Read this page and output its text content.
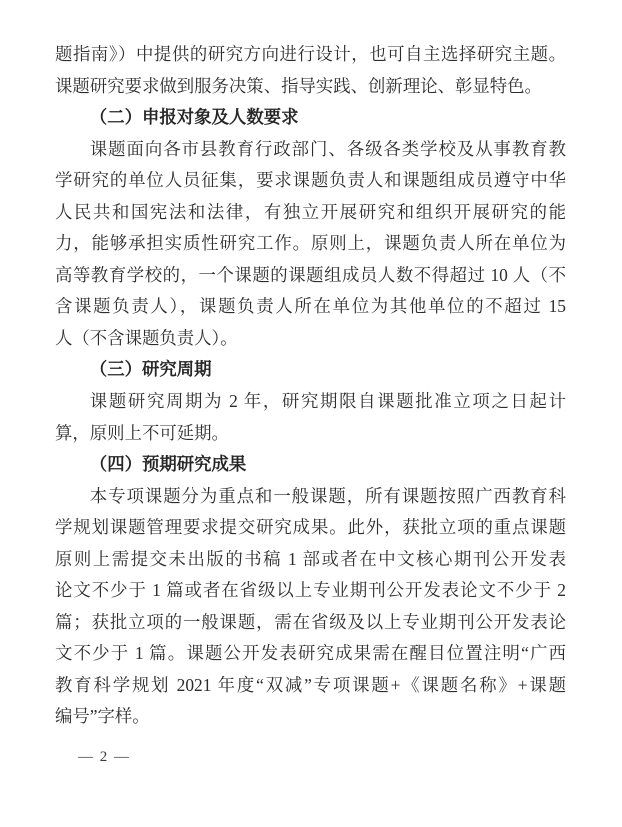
题指南》）中提供的研究方向进行设计，也可自主选择研究主题。
课题研究要求做到服务决策、指导实践、创新理论、彰显特色。
（二）申报对象及人数要求
课题面向各市县教育行政部门、各级各类学校及从事教育教
学研究的单位人员征集，要求课题负责人和课题组成员遵守中华
人民共和国宪法和法律，有独立开展研究和组织开展研究的能
力，能够承担实质性研究工作。原则上，课题负责人所在单位为
高等教育学校的，一个课题的课题组成员人数不得超过 10 人（不
含课题负责人），课题负责人所在单位为其他单位的不超过 15
人（不含课题负责人）。
（三）研究周期
课题研究周期为 2 年，研究期限自课题批准立项之日起计
算，原则上不可延期。
（四）预期研究成果
本专项课题分为重点和一般课题，所有课题按照广西教育科
学规划课题管理要求提交研究成果。此外，获批立项的重点课题
原则上需提交未出版的书稿 1 部或者在中文核心期刊公开发表
论文不少于 1 篇或者在省级以上专业期刊公开发表论文不少于 2
篇；获批立项的一般课题，需在省级及以上专业期刊公开发表论
文不少于 1 篇。课题公开发表研究成果需在醒目位置注明“广西
教育科学规划 2021 年度“双减”专项课题+《课题名称》+课题
编号”字样。
— 2 —
